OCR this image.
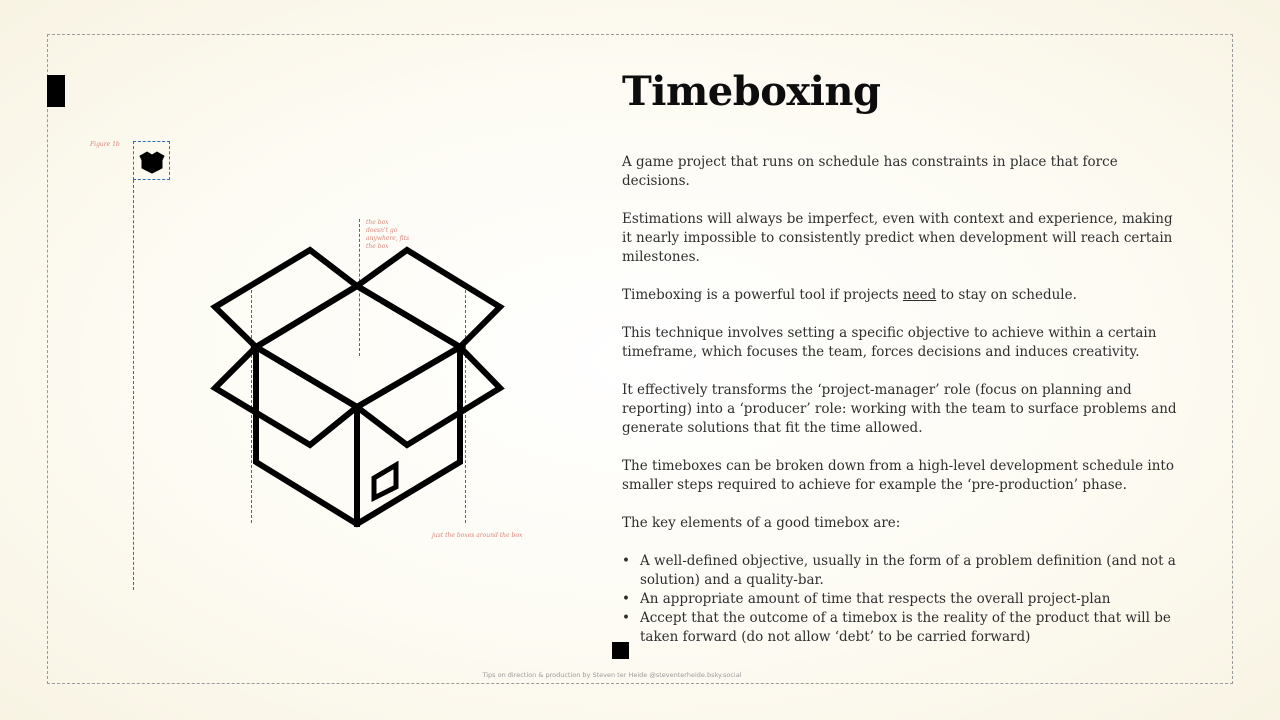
Figure 1b
the box doesn't go anywhere, fits the box
just the boxes around the box
Timeboxing

A game project that runs on schedule has constraints in place that force decisions.

Estimations will always be imperfect, even with context and experience, making it nearly impossible to consistently predict when development will reach certain milestones.

Timeboxing is a powerful tool if projects need to stay on schedule.

This technique involves setting a specific objective to achieve within a certain timeframe, which focuses the team, forces decisions and induces creativity.

It effectively transforms the ‘project-manager’ role (focus on planning and reporting) into a ‘producer’ role: working with the team to surface problems and generate solutions that fit the time allowed.

The timeboxes can be broken down from a high-level development schedule into smaller steps required to achieve for example the ‘pre-production’ phase.

The key elements of a good timebox are:

• A well-defined objective, usually in the form of a problem definition (and not a solution) and a quality-bar.
• An appropriate amount of time that respects the overall project-plan
• Accept that the outcome of a timebox is the reality of the product that will be taken forward (do not allow ‘debt’ to be carried forward)
Tips on direction & production by Steven ter Heide @steventerheide.bsky.social
